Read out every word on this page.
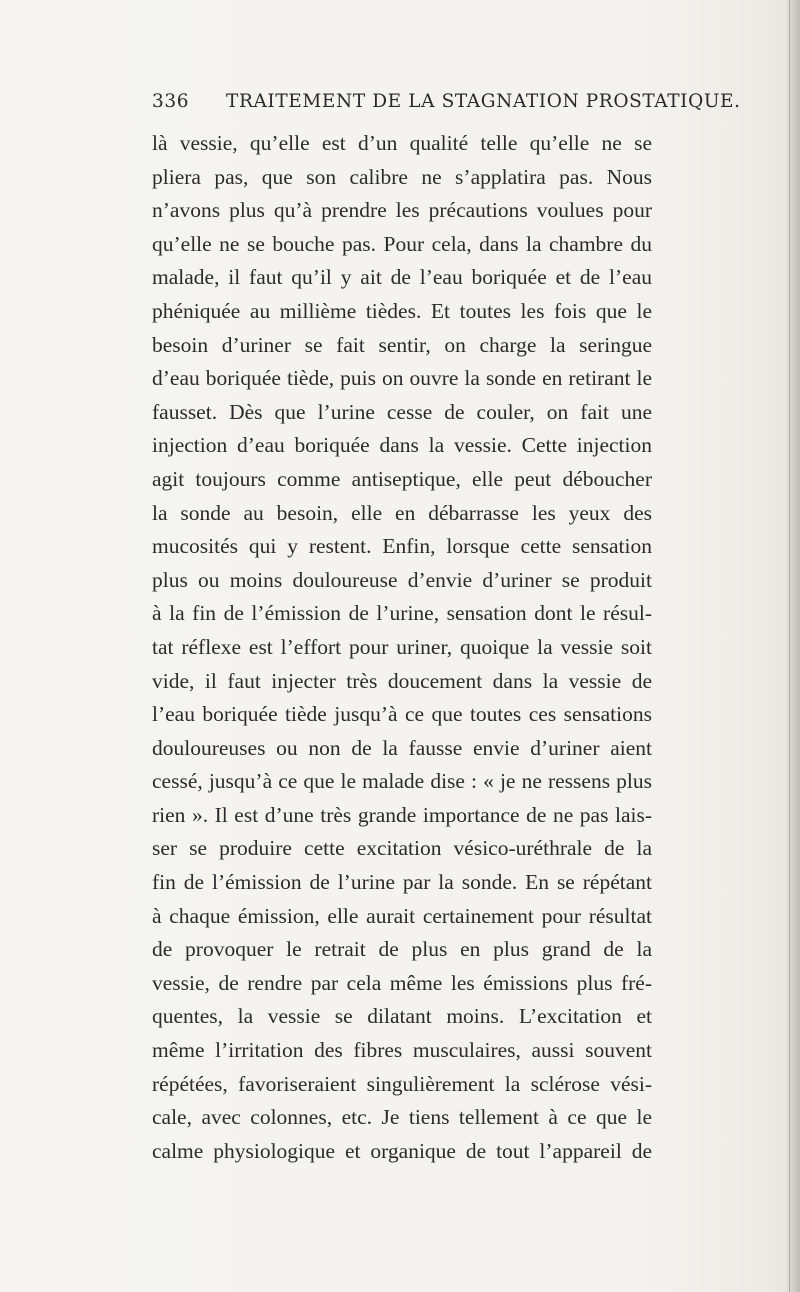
336 TRAITEMENT DE LA STAGNATION PROSTATIQUE.
là vessie, qu’elle est d’un qualité telle qu’elle ne se
pliera pas, que son calibre ne s’applatira pas. Nous
n’avons plus qu’à prendre les précautions voulues pour
qu’elle ne se bouche pas. Pour cela, dans la chambre du
malade, il faut qu’il y ait de l’eau boriquée et de l’eau
phéniquée au millième tièdes. Et toutes les fois que le
besoin d’uriner se fait sentir, on charge la seringue
d’eau boriquée tiède, puis on ouvre la sonde en retirant le
fausset. Dès que l’urine cesse de couler, on fait une
injection d’eau boriquée dans la vessie. Cette injection
agit toujours comme antiseptique, elle peut déboucher
la sonde au besoin, elle en débarrasse les yeux des
mucosités qui y restent. Enfin, lorsque cette sensation
plus ou moins douloureuse d’envie d’uriner se produit
à la fin de l’émission de l’urine, sensation dont le résul-
tat réflexe est l’effort pour uriner, quoique la vessie soit
vide, il faut injecter très doucement dans la vessie de
l’eau boriquée tiède jusqu’à ce que toutes ces sensations
douloureuses ou non de la fausse envie d’uriner aient
cessé, jusqu’à ce que le malade dise : « je ne ressens plus
rien ». Il est d’une très grande importance de ne pas lais-
ser se produire cette excitation vésico-uréthrale de la
fin de l’émission de l’urine par la sonde. En se répétant
à chaque émission, elle aurait certainement pour résultat
de provoquer le retrait de plus en plus grand de la
vessie, de rendre par cela même les émissions plus fré-
quentes, la vessie se dilatant moins. L’excitation et
même l’irritation des fibres musculaires, aussi souvent
répétées, favoriseraient singulièrement la sclérose vési-
cale, avec colonnes, etc. Je tiens tellement à ce que le
calme physiologique et organique de tout l’appareil de
